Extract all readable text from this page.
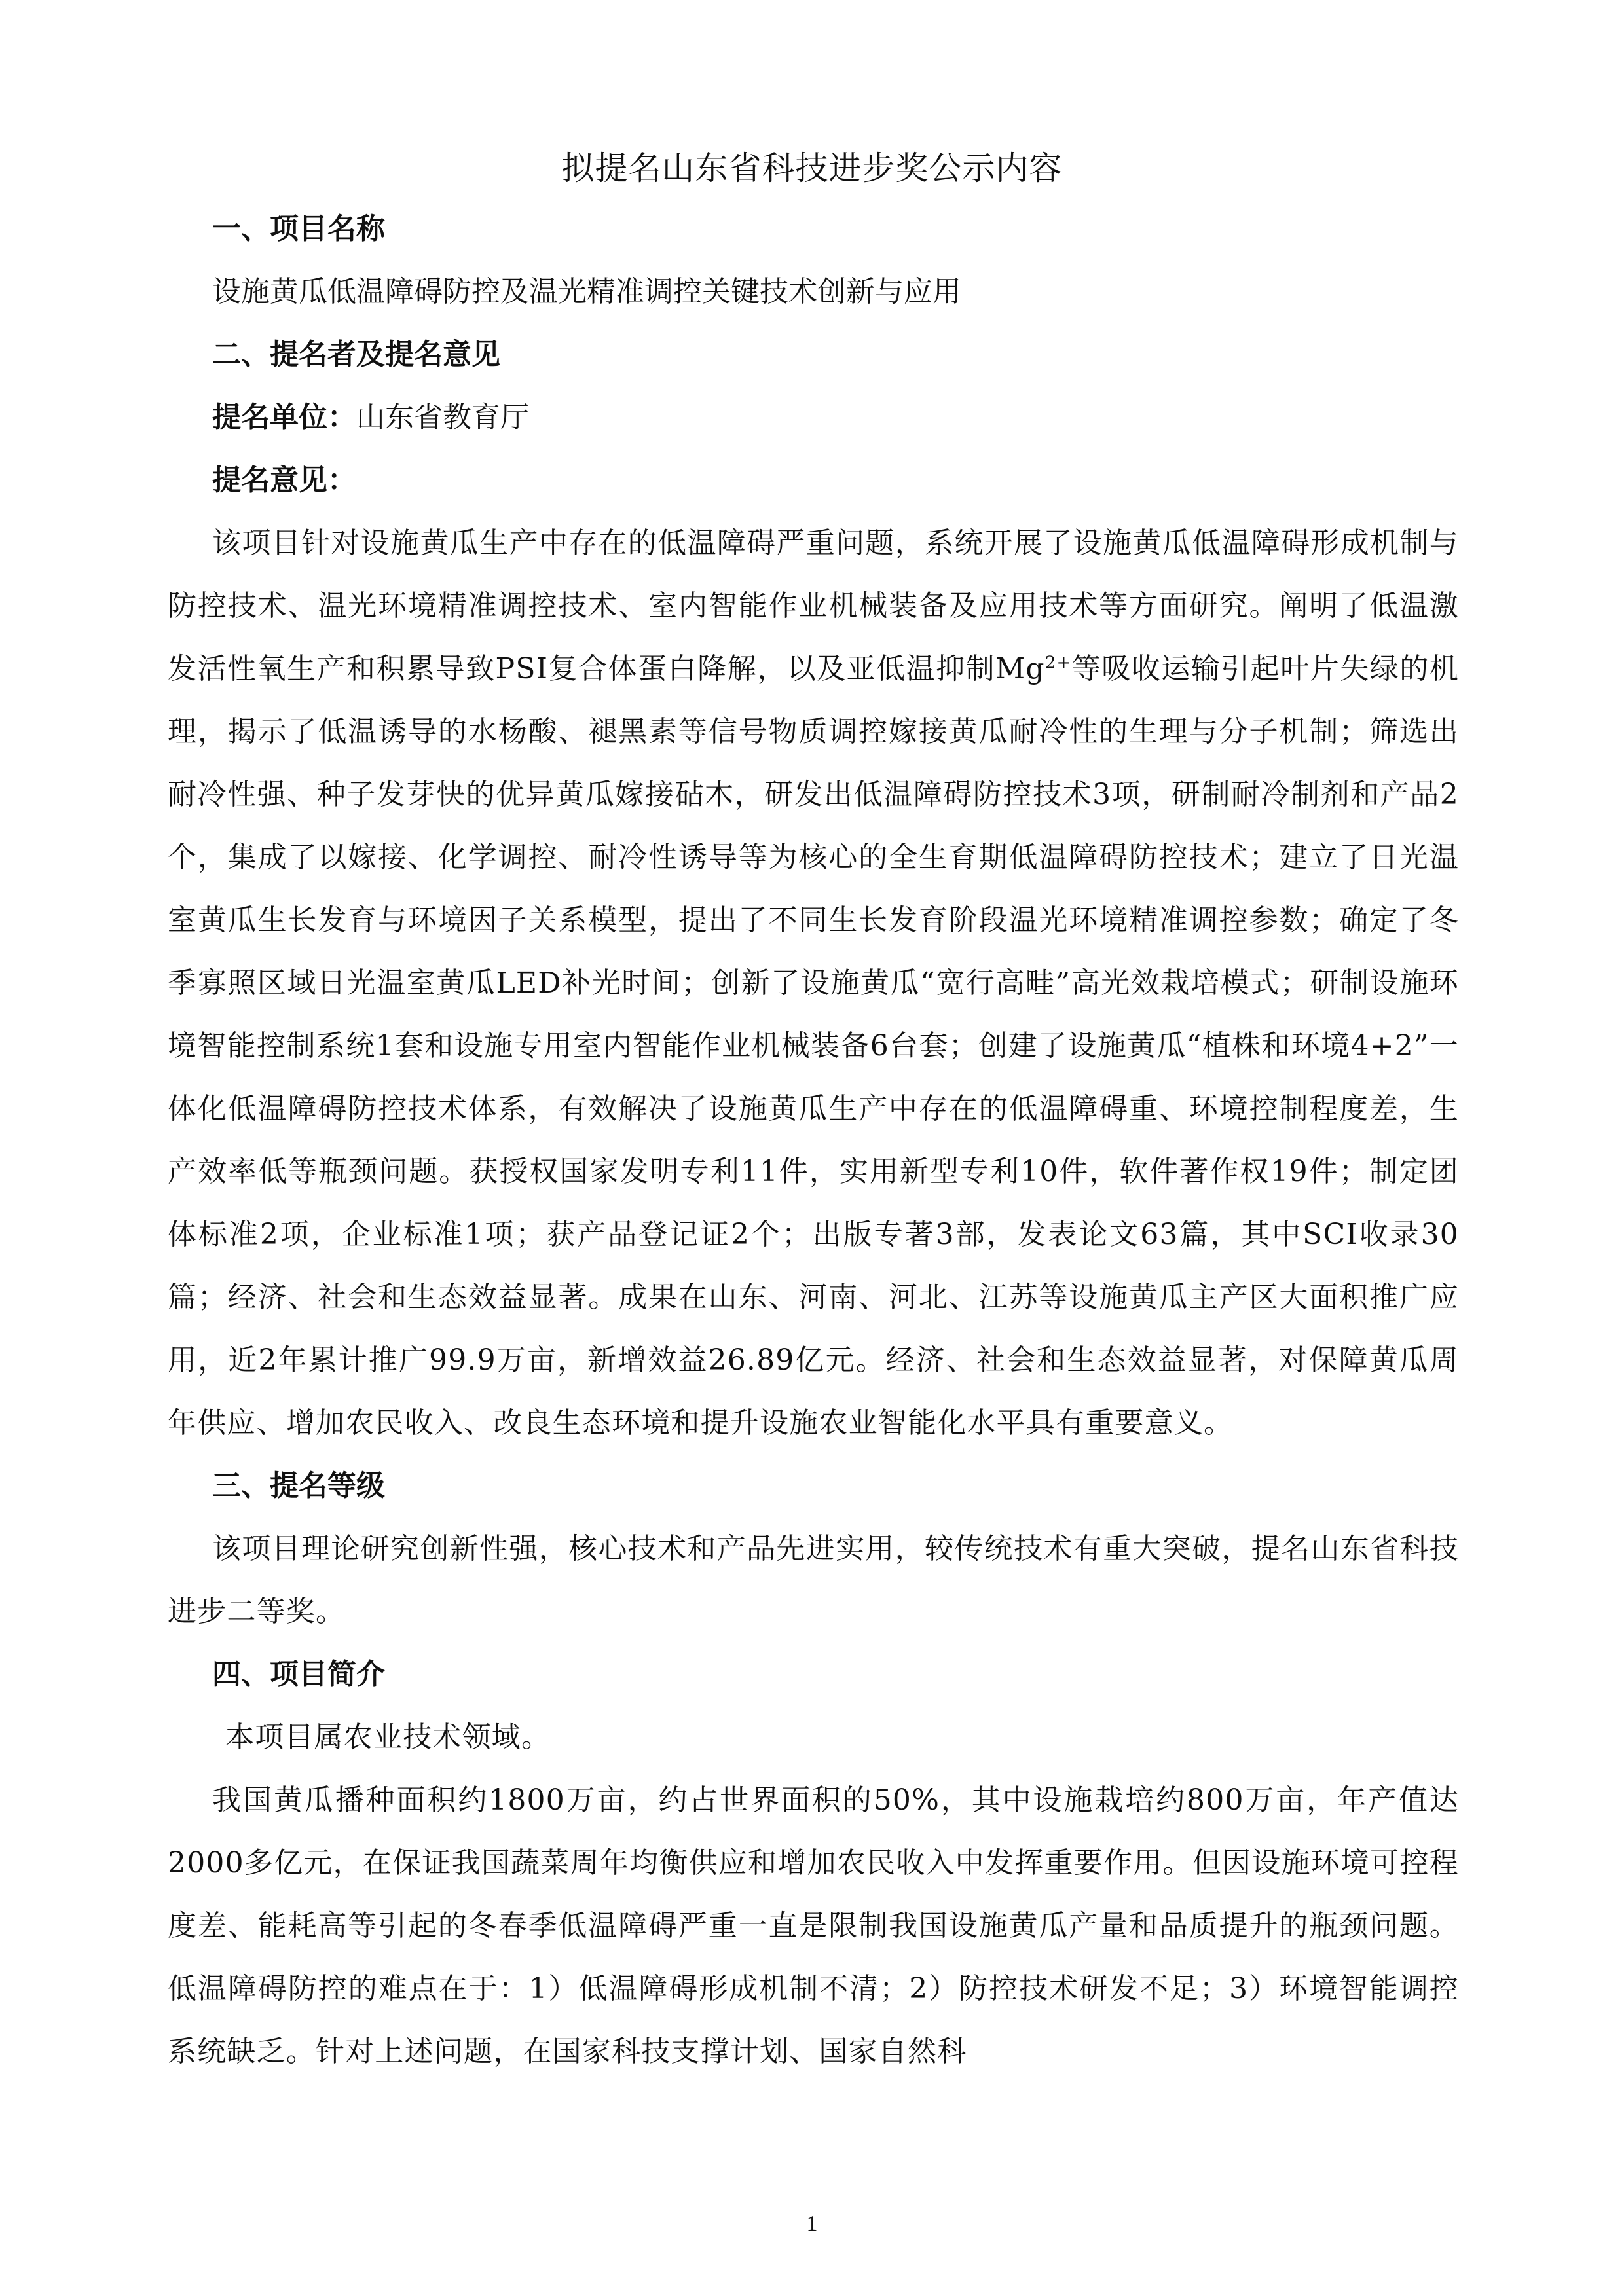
拟提名山东省科技进步奖公示内容

一、项目名称

设施黄瓜低温障碍防控及温光精准调控关键技术创新与应用

二、提名者及提名意见

提名单位：山东省教育厅

提名意见：

该项目针对设施黄瓜生产中存在的低温障碍严重问题，系统开展了设施黄瓜低温障碍形成机制与防控技术、温光环境精准调控技术、室内智能作业机械装备及应用技术等方面研究。阐明了低温激发活性氧生产和积累导致PSI复合体蛋白降解，以及亚低温抑制$Mg^{2+}$等吸收运输引起叶片失绿的机理，揭示了低温诱导的水杨酸、褪黑素等信号物质调控嫁接黄瓜耐冷性的生理与分子机制；筛选出耐冷性强、种子发芽快的优异黄瓜嫁接砧木，研发出低温障碍防控技术3项，研制耐冷制剂和产品2个，集成了以嫁接、化学调控、耐冷性诱导等为核心的全生育期低温障碍防控技术；建立了日光温室黄瓜生长发育与环境因子关系模型，提出了不同生长发育阶段温光环境精准调控参数；确定了冬季寡照区域日光温室黄瓜LED补光时间；创新了设施黄瓜“宽行高畦”高光效栽培模式；研制设施环境智能控制系统1套和设施专用室内智能作业机械装备6台套；创建了设施黄瓜“植株和环境4+2”一体化低温障碍防控技术体系，有效解决了设施黄瓜生产中存在的低温障碍重、环境控制程度差，生产效率低等瓶颈问题。获授权国家发明专利11件，实用新型专利10件，软件著作权19件；制定团体标准2项，企业标准1项；获产品登记证2个；出版专著3部，发表论文63篇，其中SCI收录30篇；经济、社会和生态效益显著。成果在山东、河南、河北、江苏等设施黄瓜主产区大面积推广应用，近2年累计推广99.9万亩，新增效益26.89亿元。经济、社会和生态效益显著，对保障黄瓜周年供应、增加农民收入、改良生态环境和提升设施农业智能化水平具有重要意义。

三、提名等级

该项目理论研究创新性强，核心技术和产品先进实用，较传统技术有重大突破，提名山东省科技进步二等奖。

四、项目简介

本项目属农业技术领域。

我国黄瓜播种面积约1800万亩，约占世界面积的50%，其中设施栽培约800万亩，年产值达2000多亿元，在保证我国蔬菜周年均衡供应和增加农民收入中发挥重要作用。但因设施环境可控程度差、能耗高等引起的冬春季低温障碍严重一直是限制我国设施黄瓜产量和品质提升的瓶颈问题。低温障碍防控的难点在于：1）低温障碍形成机制不清；2）防控技术研发不足；3）环境智能调控系统缺乏。针对上述问题，在国家科技支撑计划、国家自然科

1
